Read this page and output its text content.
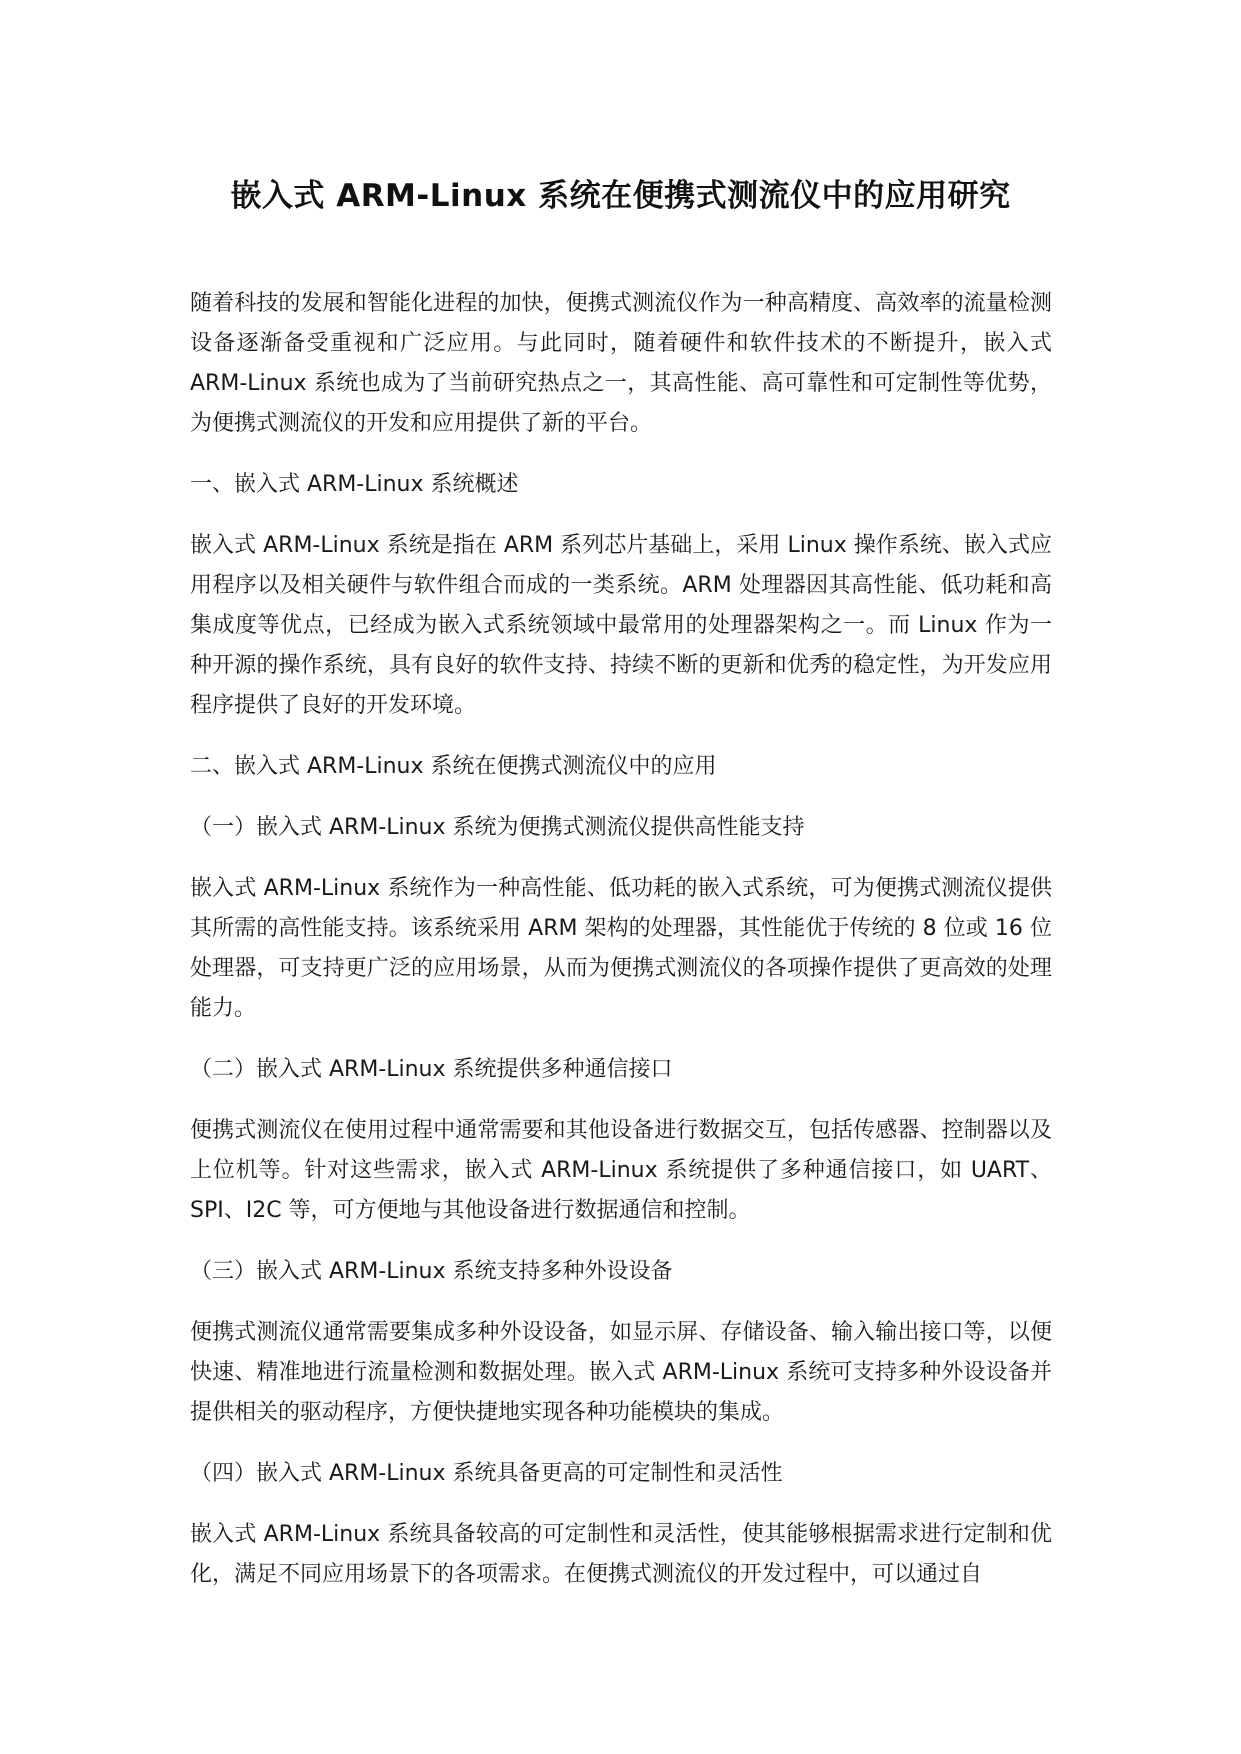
嵌入式 ARM-Linux 系统在便携式测流仪中的应用研究

随着科技的发展和智能化进程的加快，便携式测流仪作为一种高精度、高效率的流量检测设备逐渐备受重视和广泛应用。与此同时，随着硬件和软件技术的不断提升，嵌入式 ARM-Linux 系统也成为了当前研究热点之一，其高性能、高可靠性和可定制性等优势，为便携式测流仪的开发和应用提供了新的平台。

一、嵌入式 ARM-Linux 系统概述

嵌入式 ARM-Linux 系统是指在 ARM 系列芯片基础上，采用 Linux 操作系统、嵌入式应用程序以及相关硬件与软件组合而成的一类系统。ARM 处理器因其高性能、低功耗和高集成度等优点，已经成为嵌入式系统领域中最常用的处理器架构之一。而 Linux 作为一种开源的操作系统，具有良好的软件支持、持续不断的更新和优秀的稳定性，为开发应用程序提供了良好的开发环境。

二、嵌入式 ARM-Linux 系统在便携式测流仪中的应用

（一）嵌入式 ARM-Linux 系统为便携式测流仪提供高性能支持

嵌入式 ARM-Linux 系统作为一种高性能、低功耗的嵌入式系统，可为便携式测流仪提供其所需的高性能支持。该系统采用 ARM 架构的处理器，其性能优于传统的 8 位或 16 位处理器，可支持更广泛的应用场景，从而为便携式测流仪的各项操作提供了更高效的处理能力。

（二）嵌入式 ARM-Linux 系统提供多种通信接口

便携式测流仪在使用过程中通常需要和其他设备进行数据交互，包括传感器、控制器以及上位机等。针对这些需求，嵌入式 ARM-Linux 系统提供了多种通信接口，如 UART、SPI、I2C 等，可方便地与其他设备进行数据通信和控制。

（三）嵌入式 ARM-Linux 系统支持多种外设设备

便携式测流仪通常需要集成多种外设设备，如显示屏、存储设备、输入输出接口等，以便快速、精准地进行流量检测和数据处理。嵌入式 ARM-Linux 系统可支持多种外设设备并提供相关的驱动程序，方便快捷地实现各种功能模块的集成。

（四）嵌入式 ARM-Linux 系统具备更高的可定制性和灵活性

嵌入式 ARM-Linux 系统具备较高的可定制性和灵活性，使其能够根据需求进行定制和优化，满足不同应用场景下的各项需求。在便携式测流仪的开发过程中，可以通过自
